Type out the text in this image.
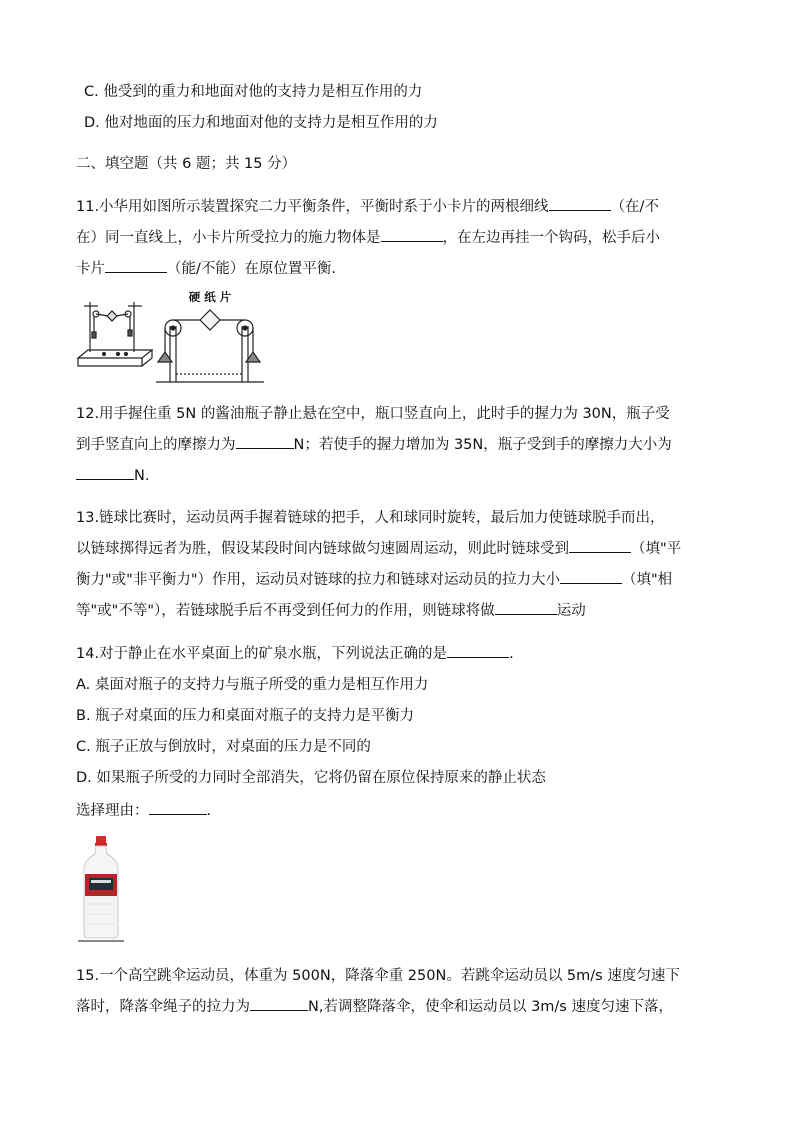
C. 他受到的重力和地面对他的支持力是相互作用的力
D. 他对地面的压力和地面对他的支持力是相互作用的力
二、填空题（共 6 题；共 15 分）
11.小华用如图所示装置探究二力平衡条件，平衡时系于小卡片的两根细线	（在/不
在）同一直线上，小卡片所受拉力的施力物体是	，在左边再挂一个钩码，松手后小
卡片	（能/不能）在原位置平衡.
硬 纸 片
12.用手握住重 5N 的酱油瓶子静止悬在空中，瓶口竖直向上，此时手的握力为 30N，瓶子受
到手竖直向上的摩擦力为	N；若使手的握力增加为 35N，瓶子受到手的摩擦力大小为
N.
13.链球比赛时，运动员两手握着链球的把手，人和球同时旋转，最后加力使链球脱手而出，
以链球掷得远者为胜，假设某段时间内链球做匀速圆周运动，则此时链球受到	（填"平
衡力"或"非平衡力"）作用，运动员对链球的拉力和链球对运动员的拉力大小	（填"相
等"或"不等"），若链球脱手后不再受到任何力的作用，则链球将做	运动
14.对于静止在水平桌面上的矿泉水瓶，下列说法正确的是	.
A. 桌面对瓶子的支持力与瓶子所受的重力是相互作用力
B. 瓶子对桌面的压力和桌面对瓶子的支持力是平衡力
C. 瓶子正放与倒放时，对桌面的压力是不同的
D. 如果瓶子所受的力同时全部消失，它将仍留在原位保持原来的静止状态
选择理由：	.
15.一个高空跳伞运动员，体重为 500N，降落伞重 250N。若跳伞运动员以 5m/s 速度匀速下
落时，降落伞绳子的拉力为	N,若调整降落伞，使伞和运动员以 3m/s 速度匀速下落，
